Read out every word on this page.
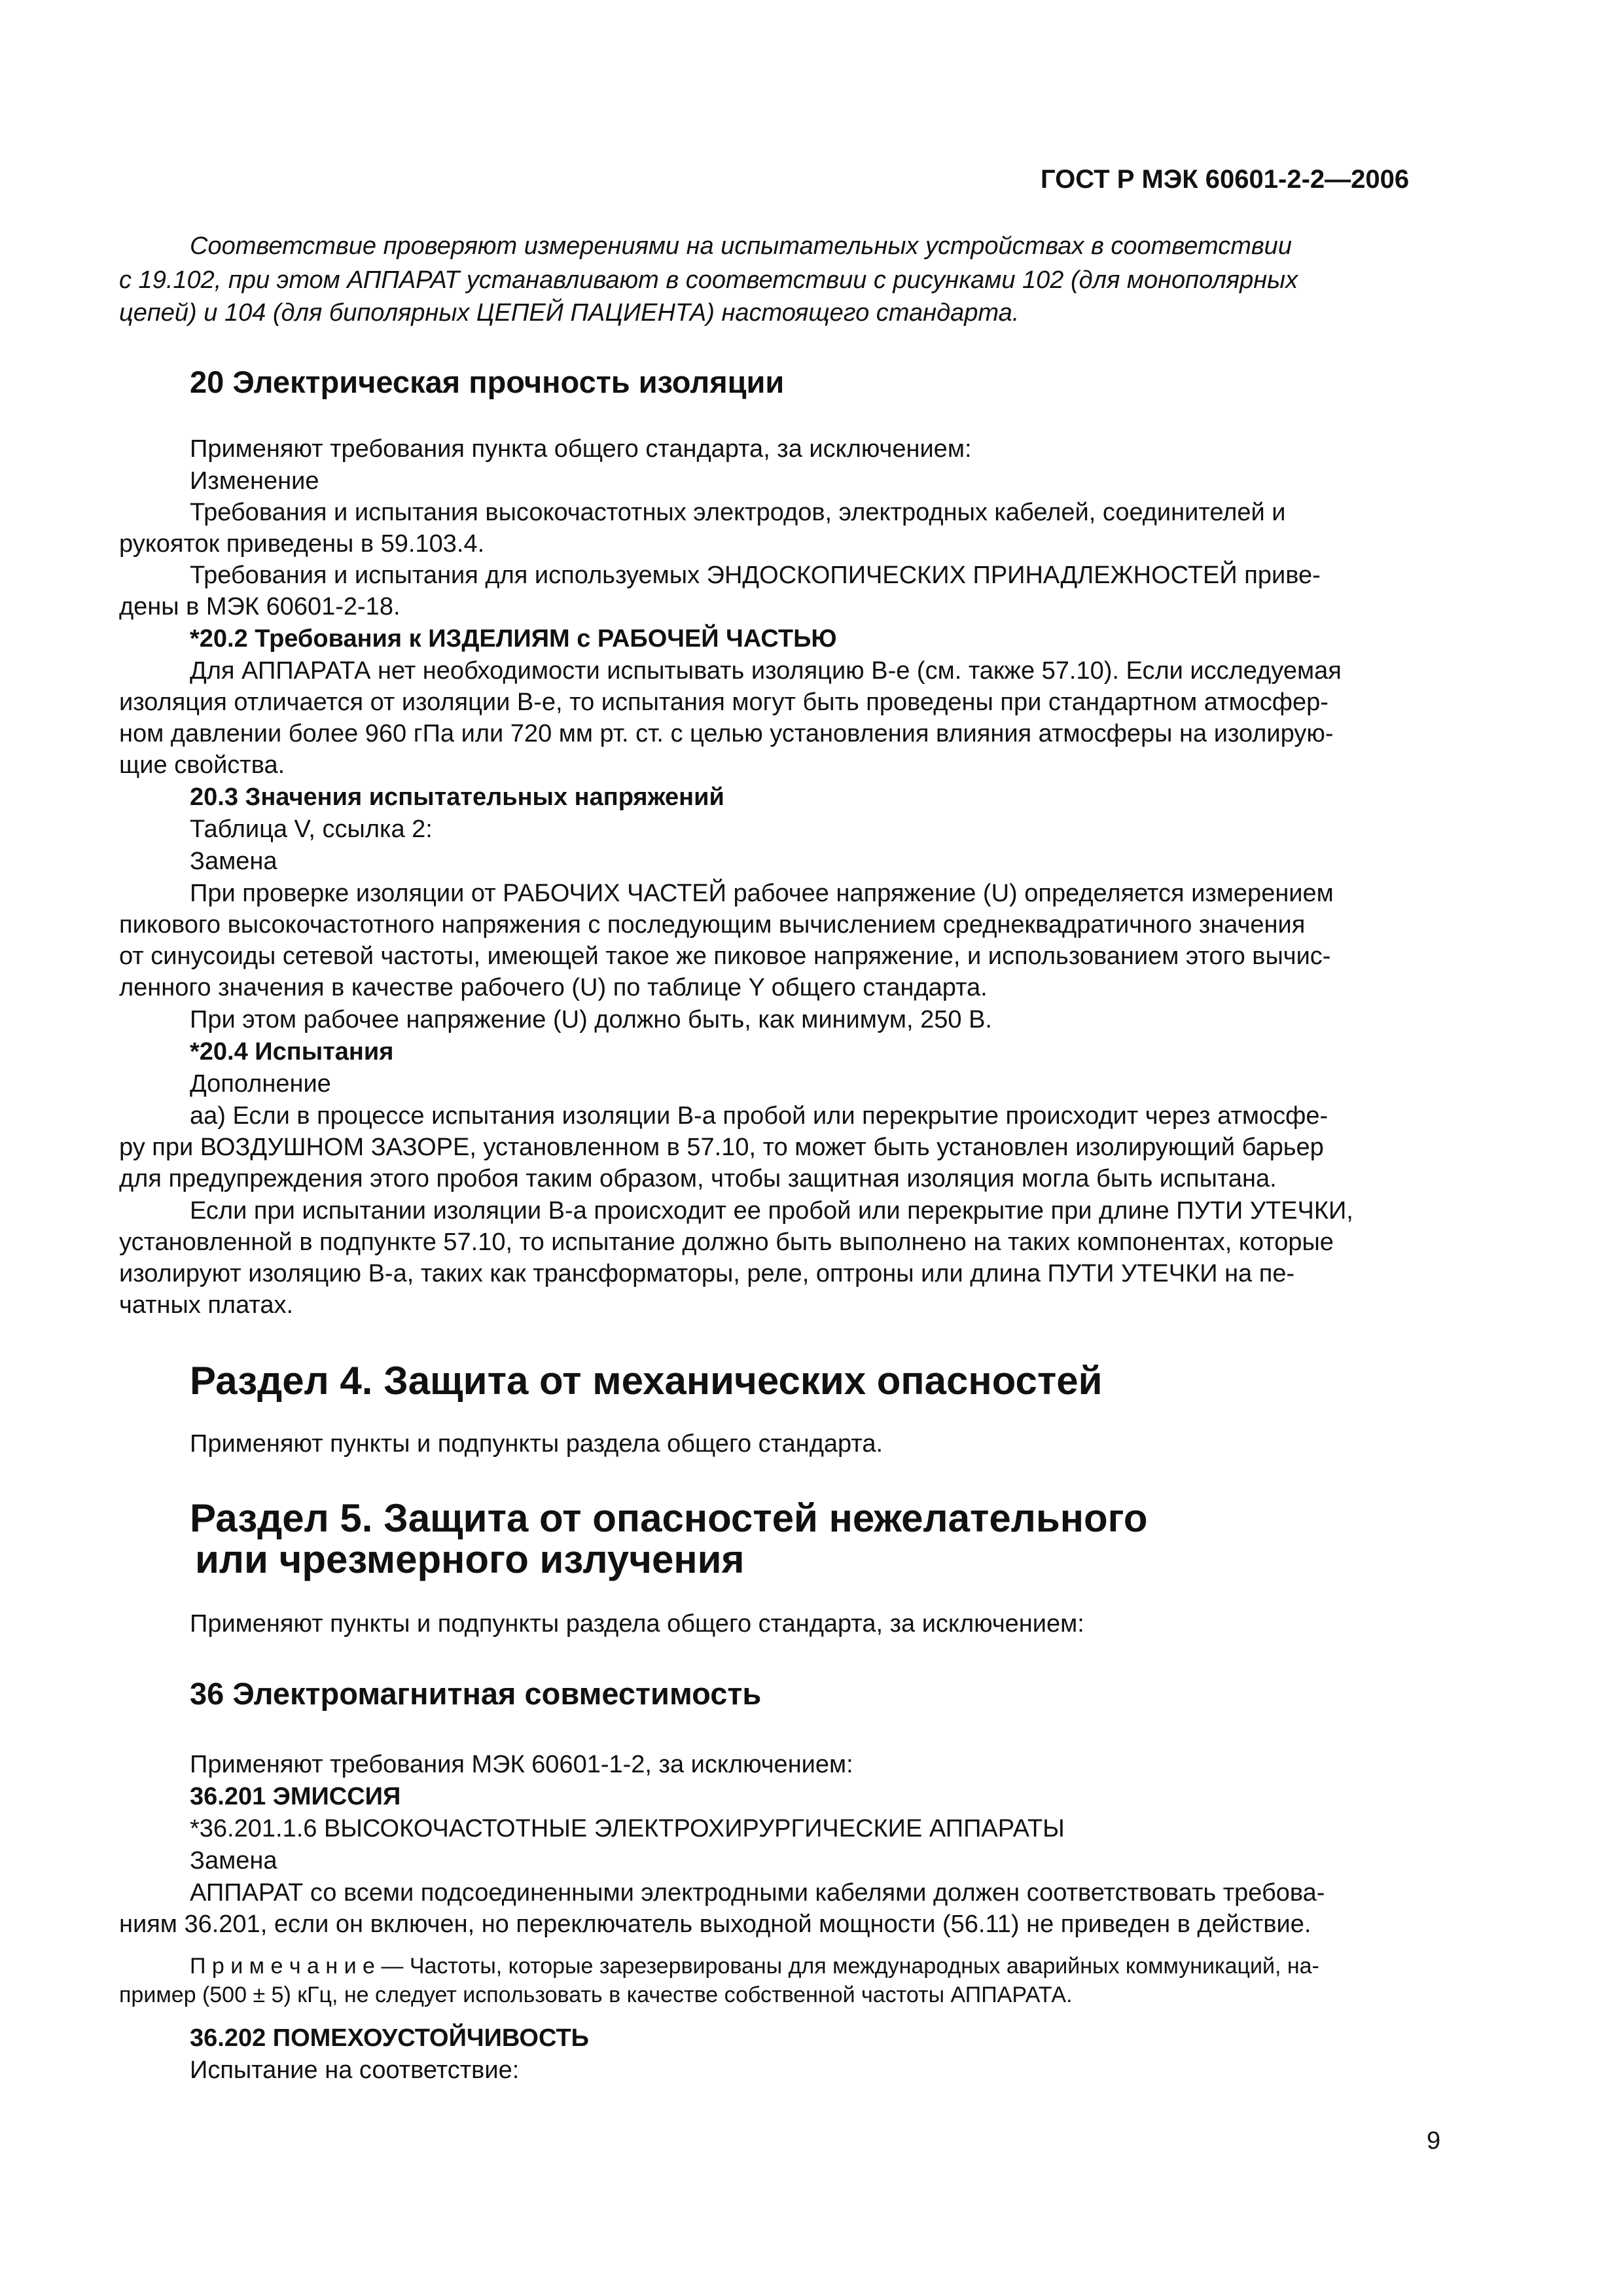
ГОСТ Р МЭК 60601-2-2—2006
Соответствие проверяют измерениями на испытательных устройствах в соответствии
с 19.102, при этом АППАРАТ устанавливают в соответствии с рисунками 102 (для монополярных
цепей) и 104 (для биполярных ЦЕПЕЙ ПАЦИЕНТА) настоящего стандарта.
20 Электрическая прочность изоляции
Применяют требования пункта общего стандарта, за исключением:
Изменение
Требования и испытания высокочастотных электродов, электродных кабелей, соединителей и
рукояток приведены в 59.103.4.
Требования и испытания для используемых ЭНДОСКОПИЧЕСКИХ ПРИНАДЛЕЖНОСТЕЙ приве-
дены в МЭК 60601-2-18.
*20.2 Требования к ИЗДЕЛИЯМ с РАБОЧЕЙ ЧАСТЬЮ
Для АППАРАТА нет необходимости испытывать изоляцию В-е (см. также 57.10). Если исследуемая
изоляция отличается от изоляции В-е, то испытания могут быть проведены при стандартном атмосфер-
ном давлении более 960 гПа или 720 мм рт. ст. с целью установления влияния атмосферы на изолирую-
щие свойства.
20.3 Значения испытательных напряжений
Таблица V, ссылка 2:
Замена
При проверке изоляции от РАБОЧИХ ЧАСТЕЙ рабочее напряжение (U) определяется измерением
пикового высокочастотного напряжения с последующим вычислением среднеквадратичного значения
от синусоиды сетевой частоты, имеющей такое же пиковое напряжение, и использованием этого вычис-
ленного значения в качестве рабочего (U) по таблице Y общего стандарта.
При этом рабочее напряжение (U) должно быть, как минимум, 250 В.
*20.4 Испытания
Дополнение
аа) Если в процессе испытания изоляции В-а пробой или перекрытие происходит через атмосфе-
ру при ВОЗДУШНОМ ЗАЗОРЕ, установленном в 57.10, то может быть установлен изолирующий барьер
для предупреждения этого пробоя таким образом, чтобы защитная изоляция могла быть испытана.
Если при испытании изоляции В-а происходит ее пробой или перекрытие при длине ПУТИ УТЕЧКИ,
установленной в подпункте 57.10, то испытание должно быть выполнено на таких компонентах, которые
изолируют изоляцию В-а, таких как трансформаторы, реле, оптроны или длина ПУТИ УТЕЧКИ на пе-
чатных платах.
Раздел 4. Защита от механических опасностей
Применяют пункты и подпункты раздела общего стандарта.
Раздел 5. Защита от опасностей нежелательного
или чрезмерного излучения
Применяют пункты и подпункты раздела общего стандарта, за исключением:
36 Электромагнитная совместимость
Применяют требования МЭК 60601-1-2, за исключением:
36.201 ЭМИССИЯ
*36.201.1.6 ВЫСОКОЧАСТОТНЫЕ ЭЛЕКТРОХИРУРГИЧЕСКИЕ АППАРАТЫ
Замена
АППАРАТ со всеми подсоединенными электродными кабелями должен соответствовать требова-
ниям 36.201, если он включен, но переключатель выходной мощности (56.11) не приведен в действие.
П р и м е ч а н и е — Частоты, которые зарезервированы для международных аварийных коммуникаций, на-
пример (500 ± 5) кГц, не следует использовать в качестве собственной частоты АППАРАТА.
36.202 ПОМЕХОУСТОЙЧИВОСТЬ
Испытание на соответствие:
9
